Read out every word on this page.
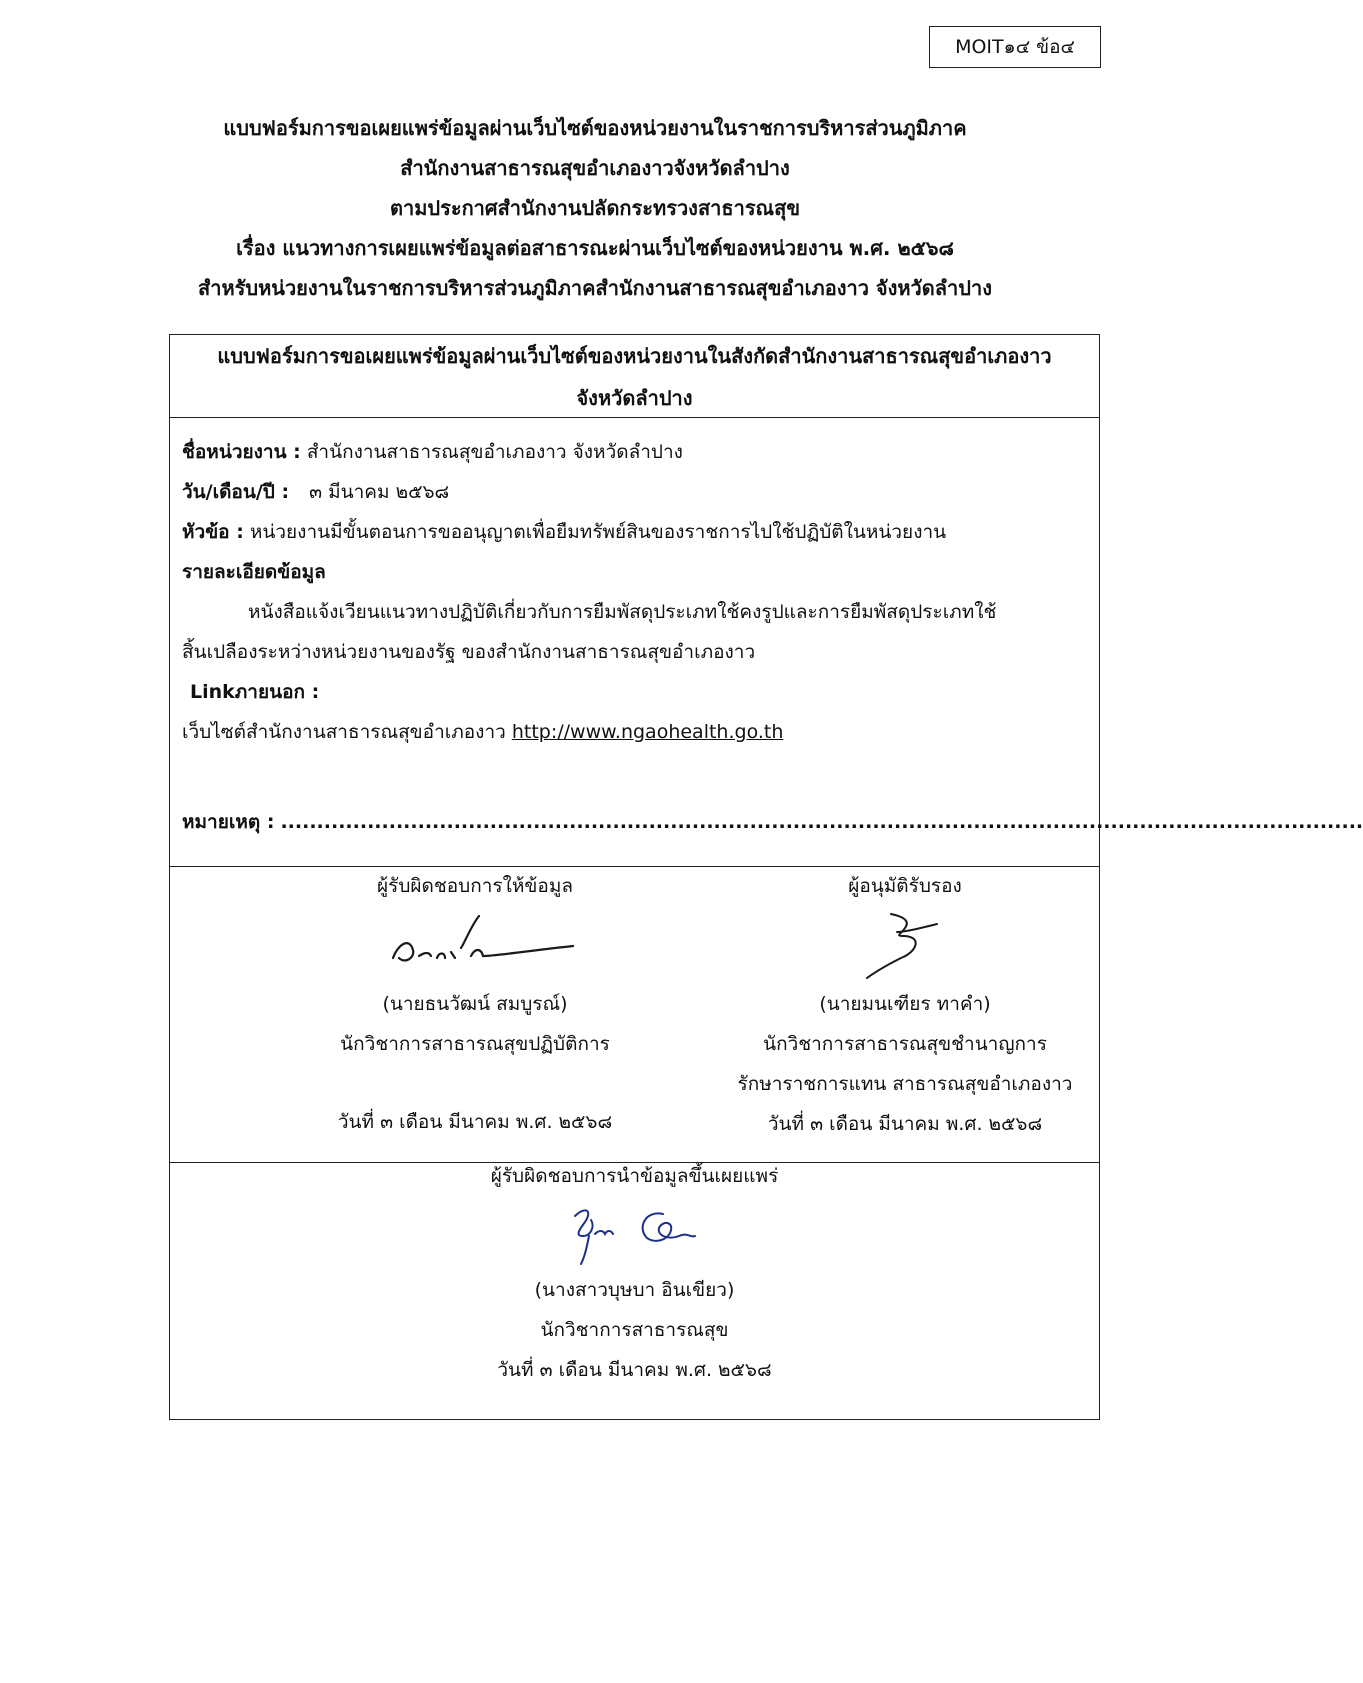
MOIT๑๔ ข้อ๔
แบบฟอร์มการขอเผยแพร่ข้อมูลผ่านเว็บไซต์ของหน่วยงานในราชการบริหารส่วนภูมิภาค
สำนักงานสาธารณสุขอำเภองาวจังหวัดลำปาง
ตามประกาศสำนักงานปลัดกระทรวงสาธารณสุข
เรื่อง แนวทางการเผยแพร่ข้อมูลต่อสาธารณะผ่านเว็บไซต์ของหน่วยงาน พ.ศ. ๒๕๖๘
สำหรับหน่วยงานในราชการบริหารส่วนภูมิภาคสำนักงานสาธารณสุขอำเภองาว จังหวัดลำปาง

แบบฟอร์มการขอเผยแพร่ข้อมูลผ่านเว็บไซต์ของหน่วยงานในสังกัดสำนักงานสาธารณสุขอำเภองาว

จังหวัดลำปาง

ชื่อหน่วยงาน : สำนักงานสาธารณสุขอำเภองาว จังหวัดลำปาง
วัน/เดือน/ปี : ๓ มีนาคม ๒๕๖๘
หัวข้อ : หน่วยงานมีขั้นตอนการขออนุญาตเพื่อยืมทรัพย์สินของราชการไปใช้ปฏิบัติในหน่วยงาน
รายละเอียดข้อมูล
หนังสือแจ้งเวียนแนวทางปฏิบัติเกี่ยวกับการยืมพัสดุประเภทใช้คงรูปและการยืมพัสดุประเภทใช้
สิ้นเปลืองระหว่างหน่วยงานของรัฐ ของสำนักงานสาธารณสุขอำเภองาว
Linkภายนอก :
เว็บไซต์สำนักงานสาธารณสุขอำเภองาว http://www.ngaohealth.go.th
หมายเหตุ : ......................................................................................................................................................
ผู้รับผิดชอบการให้ข้อมูล
(นายธนวัฒน์ สมบูรณ์)
นักวิชาการสาธารณสุขปฏิบัติการ
วันที่ ๓ เดือน มีนาคม พ.ศ. ๒๕๖๘
ผู้อนุมัติรับรอง
(นายมนเฑียร ทาคำ)
นักวิชาการสาธารณสุขชำนาญการ
รักษาราชการแทน สาธารณสุขอำเภองาว
วันที่ ๓ เดือน มีนาคม พ.ศ. ๒๕๖๘
ผู้รับผิดชอบการนำข้อมูลขึ้นเผยแพร่
(นางสาวบุษบา อินเขียว)
นักวิชาการสาธารณสุข
วันที่ ๓ เดือน มีนาคม พ.ศ. ๒๕๖๘
